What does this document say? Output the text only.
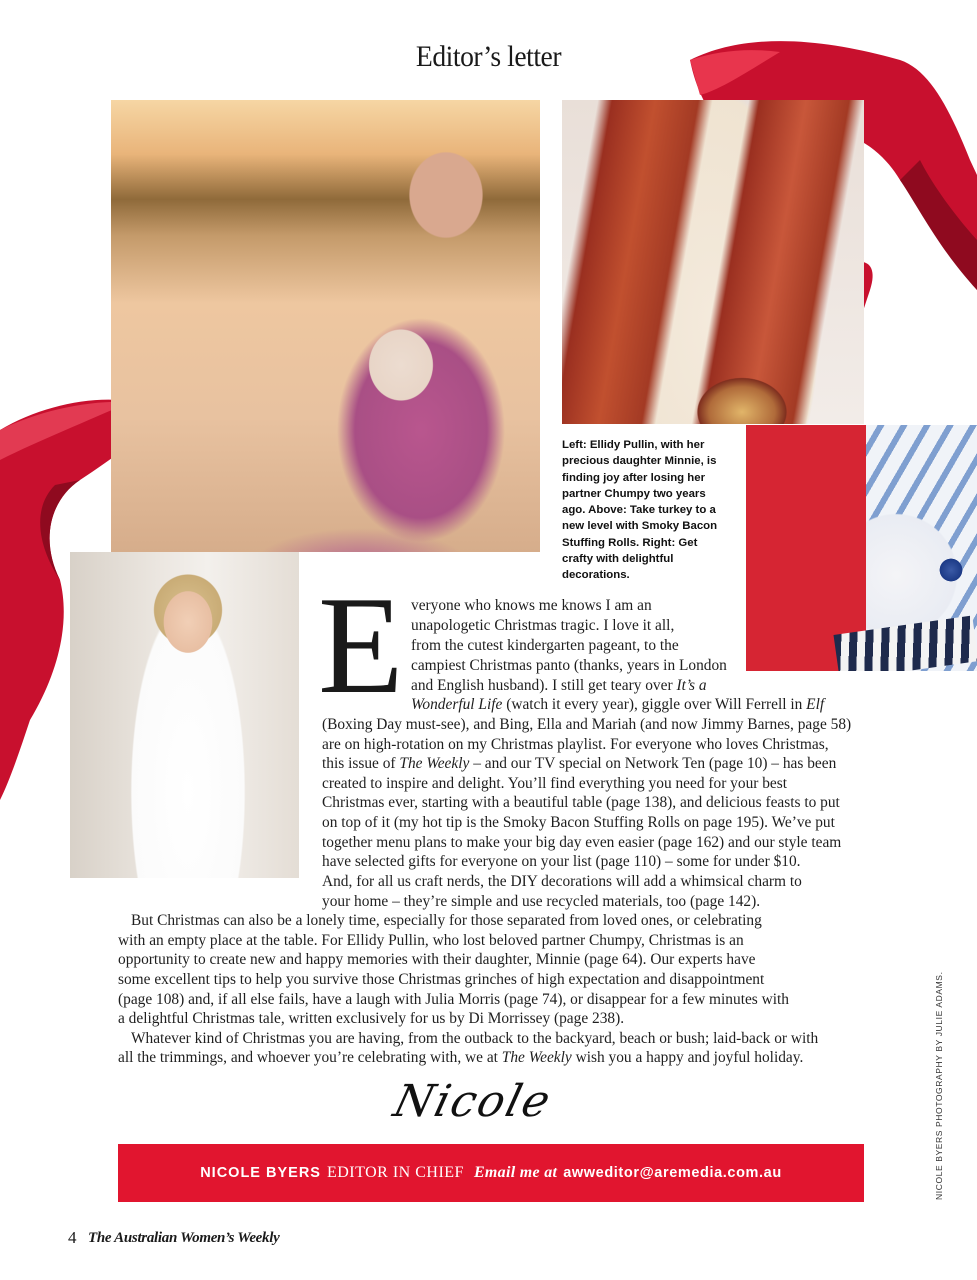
Editor’s letter
Left: Ellidy Pullin, with her precious daughter Minnie, is finding joy after losing her partner Chumpy two years ago. Above: Take turkey to a new level with Smoky Bacon Stuffing Rolls. Right: Get crafty with delightful decorations.
E veryone who knows me knows I am an
unapologetic Christmas tragic. I love it all,
from the cutest kindergarten pageant, to the
campiest Christmas panto (thanks, years in London
and English husband). I still get teary over It’s a
Wonderful Life (watch it every year), giggle over Will Ferrell in Elf
(Boxing Day must-see), and Bing, Ella and Mariah (and now Jimmy Barnes, page 58)
are on high-rotation on my Christmas playlist. For everyone who loves Christmas,
this issue of The Weekly – and our TV special on Network Ten (page 10) – has been
created to inspire and delight. You’ll find everything you need for your best
Christmas ever, starting with a beautiful table (page 138), and delicious feasts to put
on top of it (my hot tip is the Smoky Bacon Stuffing Rolls on page 195). We’ve put
together menu plans to make your big day even easier (page 162) and our style team
have selected gifts for everyone on your list (page 110) – some for under $10.
And, for all us craft nerds, the DIY decorations will add a whimsical charm to
your home – they’re simple and use recycled materials, too (page 142).
But Christmas can also be a lonely time, especially for those separated from loved ones, or celebrating
with an empty place at the table. For Ellidy Pullin, who lost beloved partner Chumpy, Christmas is an
opportunity to create new and happy memories with their daughter, Minnie (page 64). Our experts have
some excellent tips to help you survive those Christmas grinches of high expectation and disappointment
(page 108) and, if all else fails, have a laugh with Julia Morris (page 74), or disappear for a few minutes with
a delightful Christmas tale, written exclusively for us by Di Morrissey (page 238).
Whatever kind of Christmas you are having, from the outback to the backyard, beach or bush; laid-back or with
all the trimmings, and whoever you’re celebrating with, we at The Weekly wish you a happy and joyful holiday.
Nicole
NICOLE BYERS EDITOR IN CHIEF Email me at awweditor@aremedia.com.au	NICOLE BYERS PHOTOGRAPHY BY JULIE ADAMS.
4 The Australian Women’s Weekly
